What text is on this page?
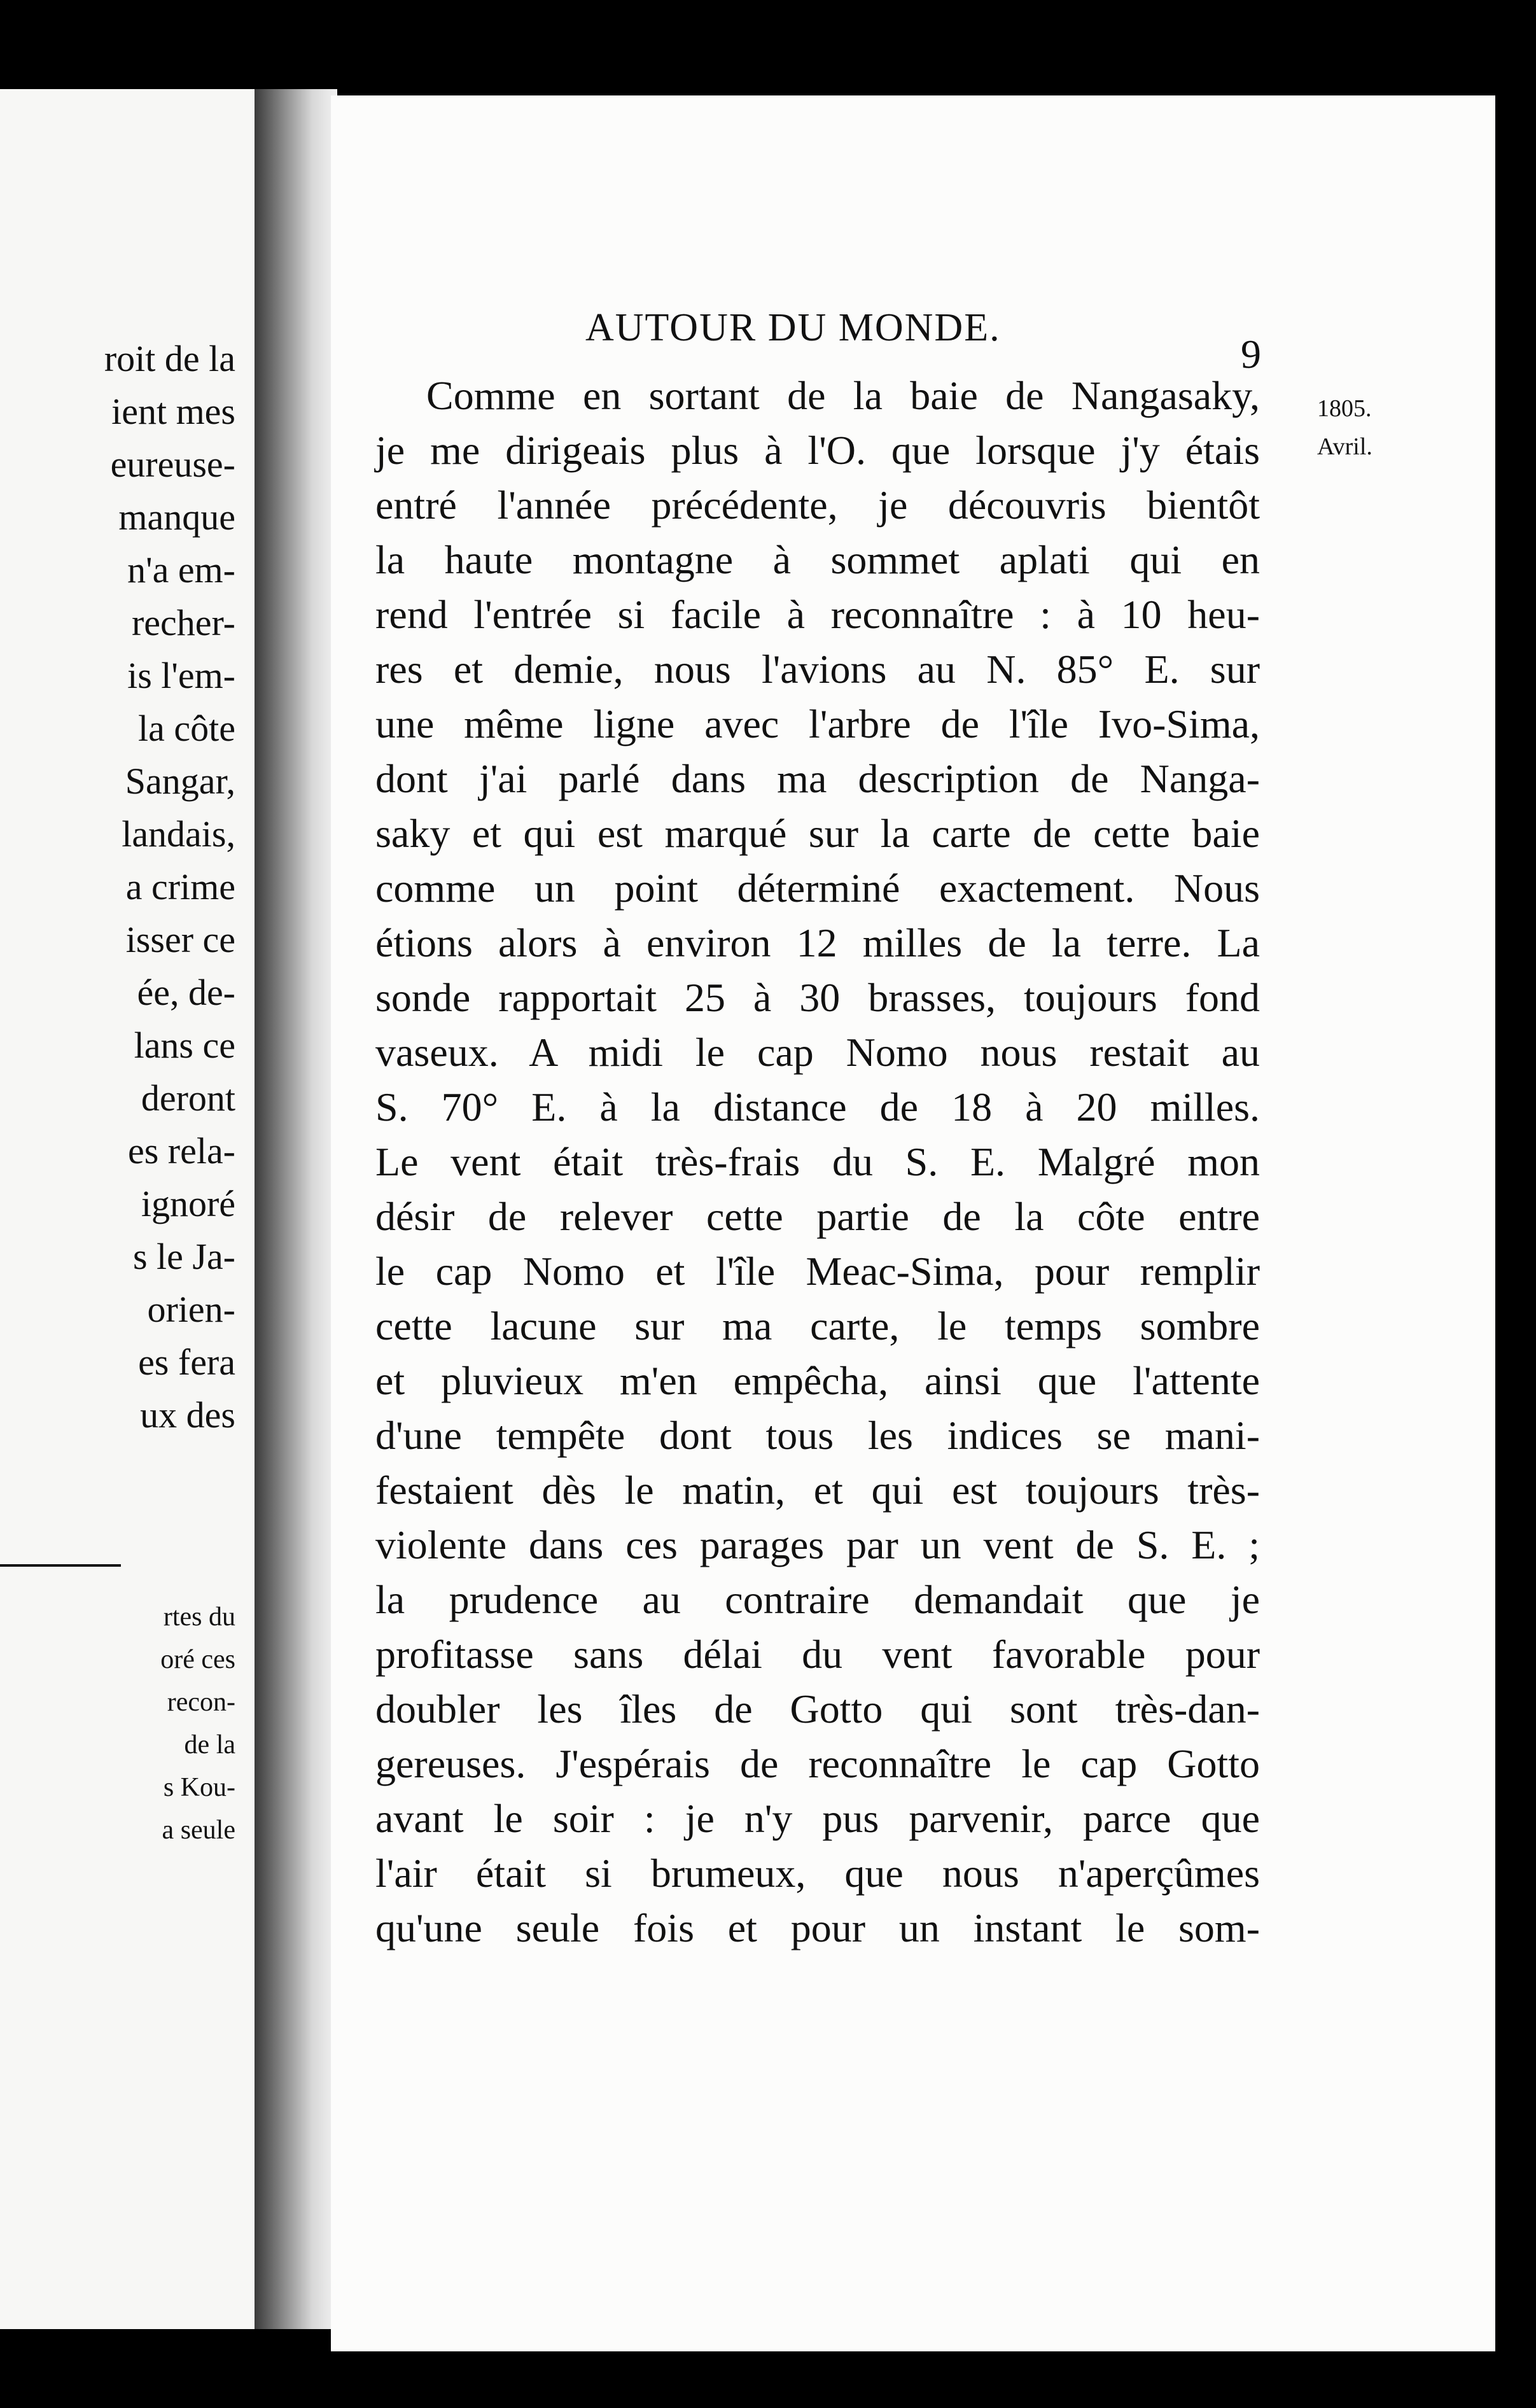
roit de la
ient mes
eureuse-
manque
n'a em-
recher-
is l'em-
la côte
Sangar,
landais,
a crime
isser ce
ée, de-
lans ce
deront
es rela-
ignoré
s le Ja-
orien-
es fera
ux des
rtes du
oré ces
recon-
de la
s Kou-
a seule
AUTOUR DU MONDE.
9
1805.
Avril.
Comme en sortant de la baie de Nangasaky,
je me dirigeais plus à l'O. que lorsque j'y étais
entré l'année précédente, je découvris bientôt
la haute montagne à sommet aplati qui en
rend l'entrée si facile à reconnaître : à 10 heu-
res et demie, nous l'avions au N. 85° E. sur
une même ligne avec l'arbre de l'île Ivo-Sima,
dont j'ai parlé dans ma description de Nanga-
saky et qui est marqué sur la carte de cette baie
comme un point déterminé exactement. Nous
étions alors à environ 12 milles de la terre. La
sonde rapportait 25 à 30 brasses, toujours fond
vaseux. A midi le cap Nomo nous restait au
S. 70° E. à la distance de 18 à 20 milles.
Le vent était très-frais du S. E. Malgré mon
désir de relever cette partie de la côte entre
le cap Nomo et l'île Meac-Sima, pour remplir
cette lacune sur ma carte, le temps sombre
et pluvieux m'en empêcha, ainsi que l'attente
d'une tempête dont tous les indices se mani-
festaient dès le matin, et qui est toujours très-
violente dans ces parages par un vent de S. E. ;
la prudence au contraire demandait que je
profitasse sans délai du vent favorable pour
doubler les îles de Gotto qui sont très-dan-
gereuses. J'espérais de reconnaître le cap Gotto
avant le soir : je n'y pus parvenir, parce que
l'air était si brumeux, que nous n'aperçûmes
qu'une seule fois et pour un instant le som-
